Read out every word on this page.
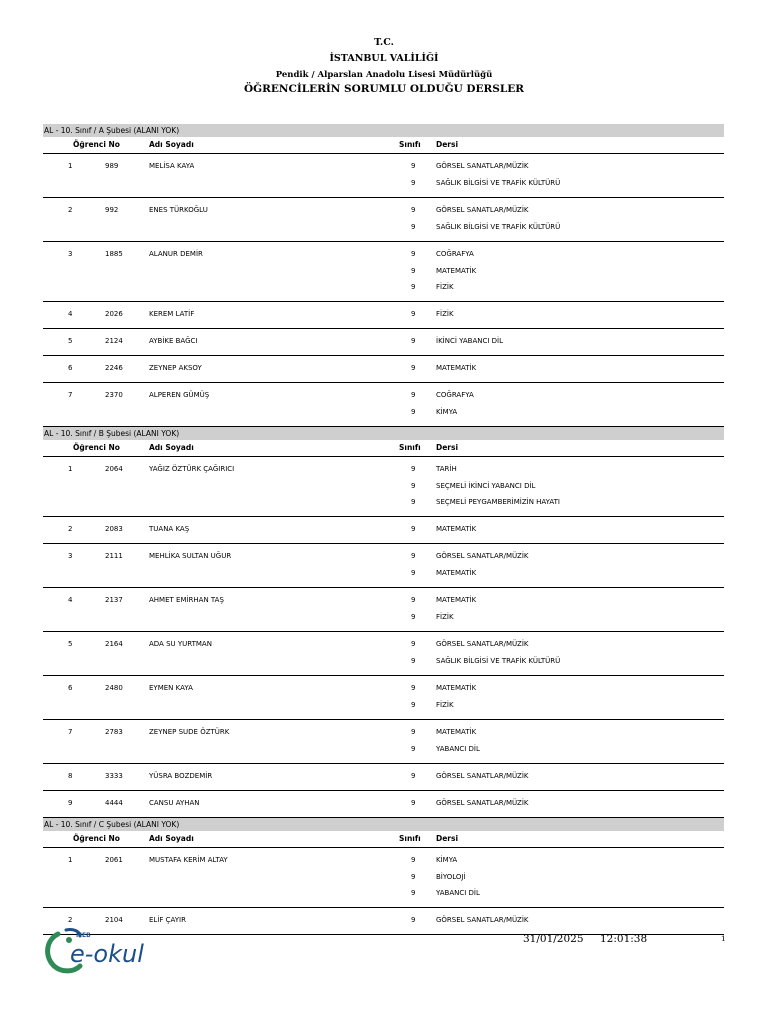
T.C.
İSTANBUL VALİLİĞİ
Pendik / Alparslan Anadolu Lisesi Müdürlüğü
ÖĞRENCİLERİN SORUMLU OLDUĞU DERSLER
AL - 10. Sınıf / A Şubesi (ALANI YOK)
Öğrenci No	Adı Soyadı	Sınıfı Dersi
1	989	MELİSA KAYA	9	GÖRSEL SANATLAR/MÜZİK
9	SAĞLIK BİLGİSİ VE TRAFİK KÜLTÜRÜ
2	992	ENES TÜRKOĞLU	9	GÖRSEL SANATLAR/MÜZİK
9	SAĞLIK BİLGİSİ VE TRAFİK KÜLTÜRÜ
3	1885	ALANUR DEMİR	9	COĞRAFYA
9	MATEMATİK
9	FİZİK
4	2026	KEREM LATİF	9	FİZİK
5	2124	AYBİKE BAĞCI	9	İKİNCİ YABANCI DİL
6	2246	ZEYNEP AKSOY	9	MATEMATİK
7	2370	ALPEREN GÜMÜŞ	9	COĞRAFYA
9	KİMYA
AL - 10. Sınıf / B Şubesi (ALANI YOK)
Öğrenci No	Adı Soyadı	Sınıfı Dersi
1	2064	YAĞIZ ÖZTÜRK ÇAĞIRICI	9	TARİH
9	SEÇMELİ İKİNCİ YABANCI DİL
9	SEÇMELİ PEYGAMBERİMİZİN HAYATI
2	2083	TUANA KAŞ	9	MATEMATİK
3	2111	MEHLİKA SULTAN UĞUR	9	GÖRSEL SANATLAR/MÜZİK
9	MATEMATİK
4	2137	AHMET EMİRHAN TAŞ	9	MATEMATİK
9	FİZİK
5	2164	ADA SU YURTMAN	9	GÖRSEL SANATLAR/MÜZİK
9	SAĞLIK BİLGİSİ VE TRAFİK KÜLTÜRÜ
6	2480	EYMEN KAYA	9	MATEMATİK
9	FİZİK
7	2783	ZEYNEP SUDE ÖZTÜRK	9	MATEMATİK
9	YABANCI DİL
8	3333	YÜSRA BOZDEMİR	9	GÖRSEL SANATLAR/MÜZİK
9	4444	CANSU AYHAN	9	GÖRSEL SANATLAR/MÜZİK
AL - 10. Sınıf / C Şubesi (ALANI YOK)
Öğrenci No	Adı Soyadı	Sınıfı Dersi
1	2061	MUSTAFA KERİM ALTAY	9	KİMYA
9	BİYOLOJİ
9	YABANCI DİL
2	2104	ELİF ÇAYIR	9	GÖRSEL SANATLAR/MÜZİK
MEB
e-okul
31/01/2025 12:01:38	1
